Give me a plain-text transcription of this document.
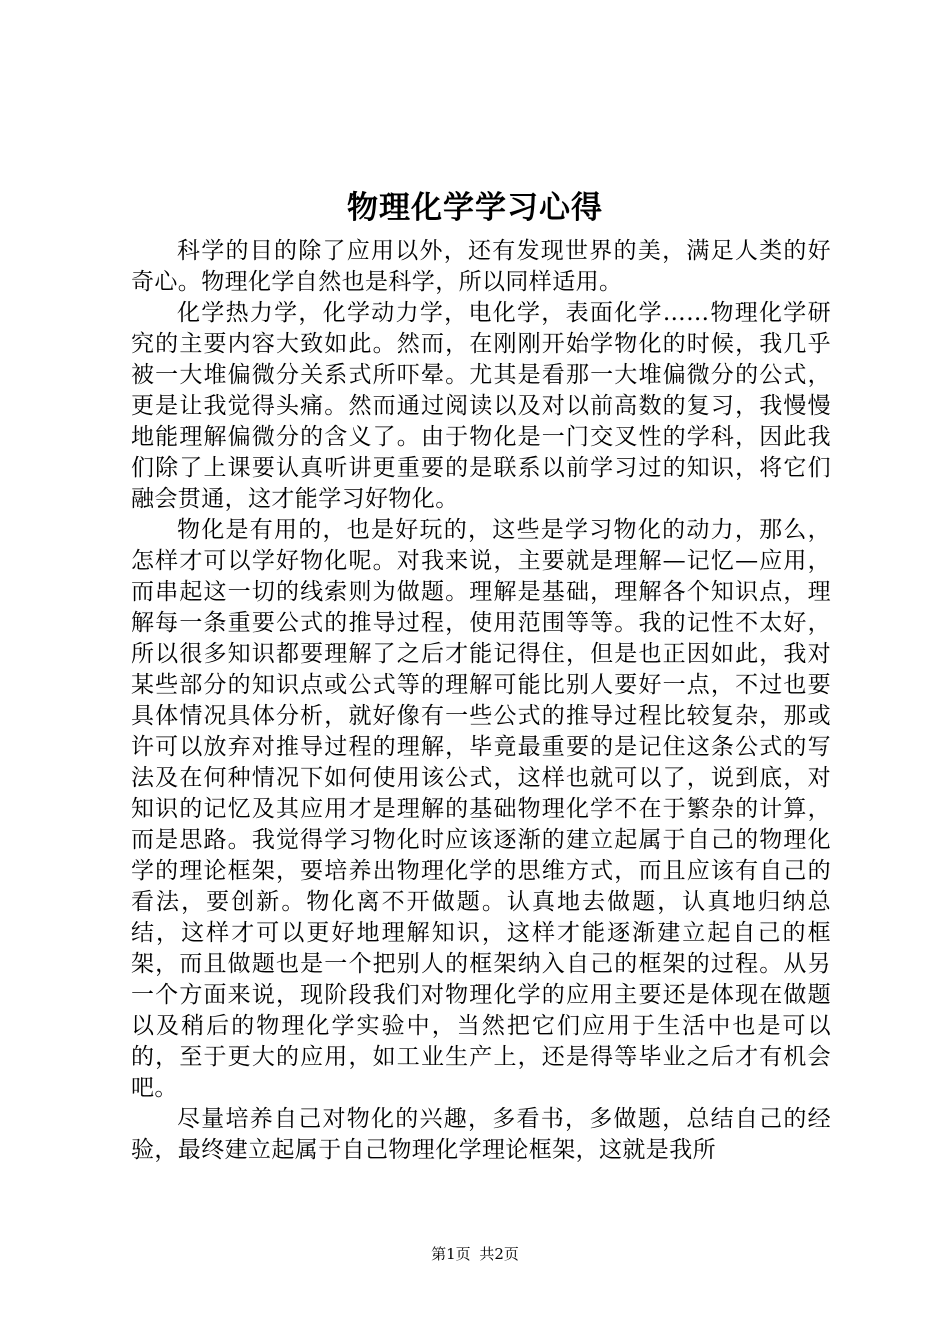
物理化学学习心得

科学的目的除了应用以外，还有发现世界的美，满足人类的好奇心。物理化学自然也是科学，所以同样适用。

化学热力学，化学动力学，电化学，表面化学……物理化学研究的主要内容大致如此。然而，在刚刚开始学物化的时候，我几乎被一大堆偏微分关系式所吓晕。尤其是看那一大堆偏微分的公式，更是让我觉得头痛。然而通过阅读以及对以前高数的复习，我慢慢地能理解偏微分的含义了。由于物化是一门交叉性的学科，因此我们除了上课要认真听讲更重要的是联系以前学习过的知识，将它们融会贯通，这才能学习好物化。

物化是有用的，也是好玩的，这些是学习物化的动力，那么，怎样才可以学好物化呢。对我来说，主要就是理解—记忆—应用，而串起这一切的线索则为做题。理解是基础，理解各个知识点，理解每一条重要公式的推导过程，使用范围等等。我的记性不太好，所以很多知识都要理解了之后才能记得住，但是也正因如此，我对某些部分的知识点或公式等的理解可能比别人要好一点，不过也要具体情况具体分析，就好像有一些公式的推导过程比较复杂，那或许可以放弃对推导过程的理解，毕竟最重要的是记住这条公式的写法及在何种情况下如何使用该公式，这样也就可以了，说到底，对知识的记忆及其应用才是理解的基础物理化学不在于繁杂的计算，而是思路。我觉得学习物化时应该逐渐的建立起属于自己的物理化学的理论框架，要培养出物理化学的思维方式，而且应该有自己的看法，要创新。物化离不开做题。认真地去做题，认真地归纳总结，这样才可以更好地理解知识，这样才能逐渐建立起自己的框架，而且做题也是一个把别人的框架纳入自己的框架的过程。从另一个方面来说，现阶段我们对物理化学的应用主要还是体现在做题以及稍后的物理化学实验中，当然把它们应用于生活中也是可以的，至于更大的应用，如工业生产上，还是得等毕业之后才有机会吧。

尽量培养自己对物化的兴趣，多看书，多做题，总结自己的经验，最终建立起属于自己物理化学理论框架，这就是我所

第1页 共2页
